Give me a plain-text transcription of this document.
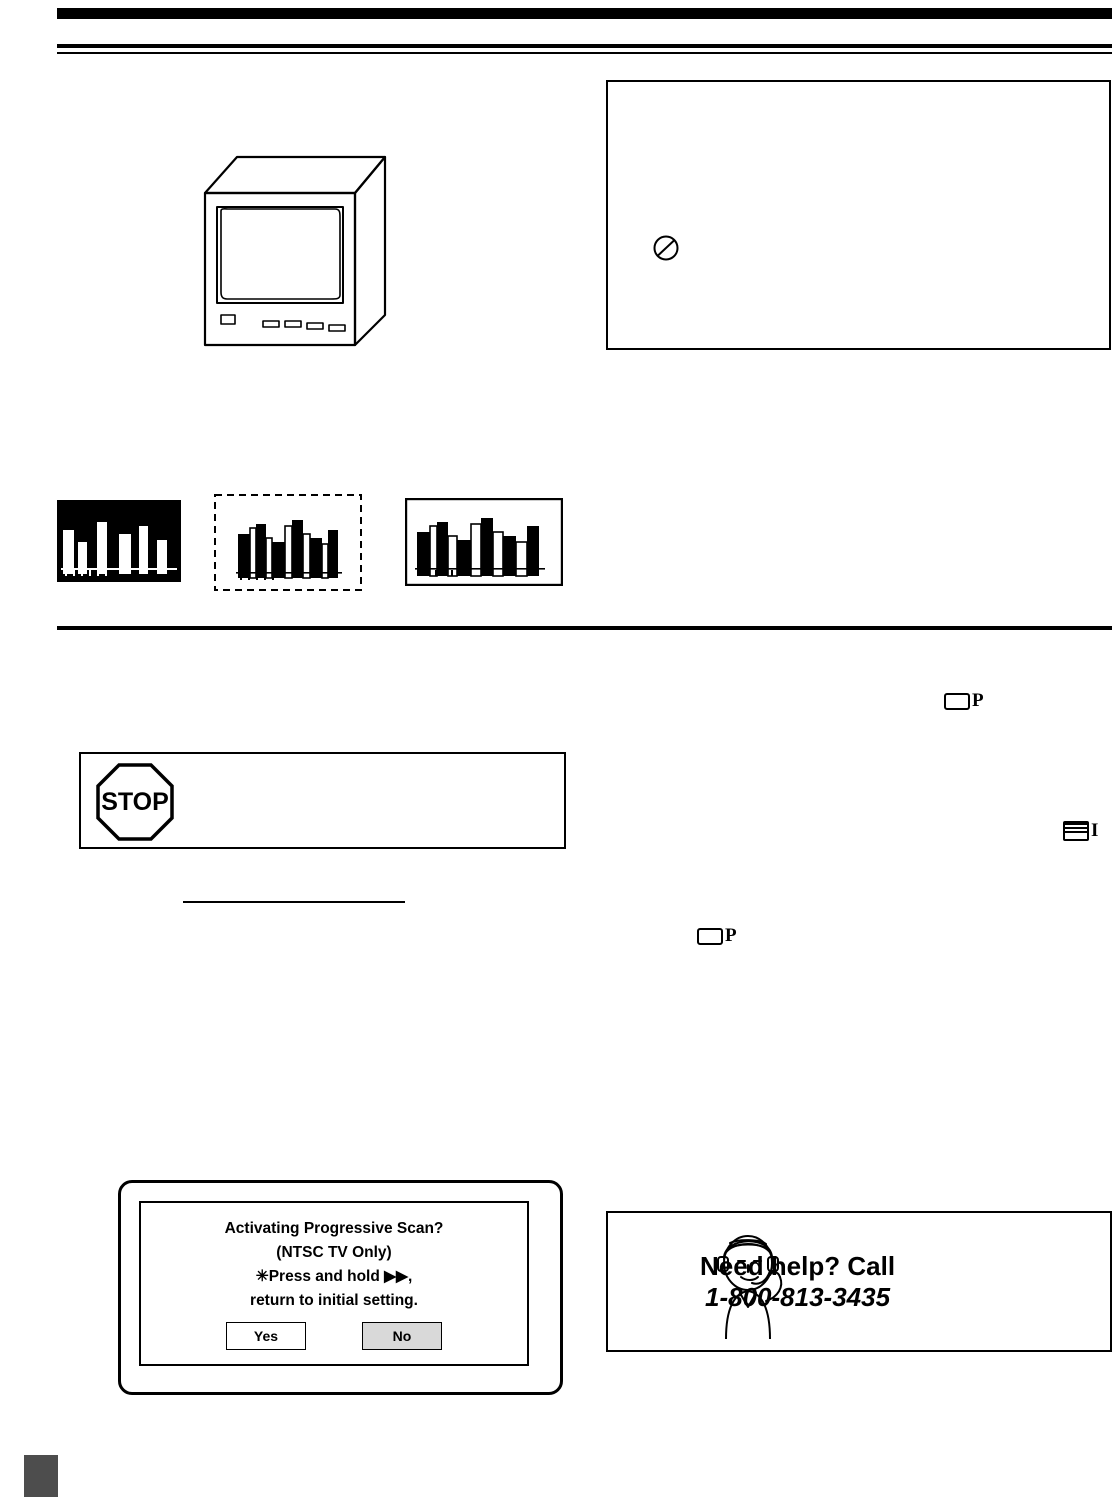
P
I
P
STOP
Activating Progressive Scan?
(NTSC TV Only)
✳Press and hold ▶▶,
return to initial setting.
Yes	No
Need help? Call
1-800-813-3435
